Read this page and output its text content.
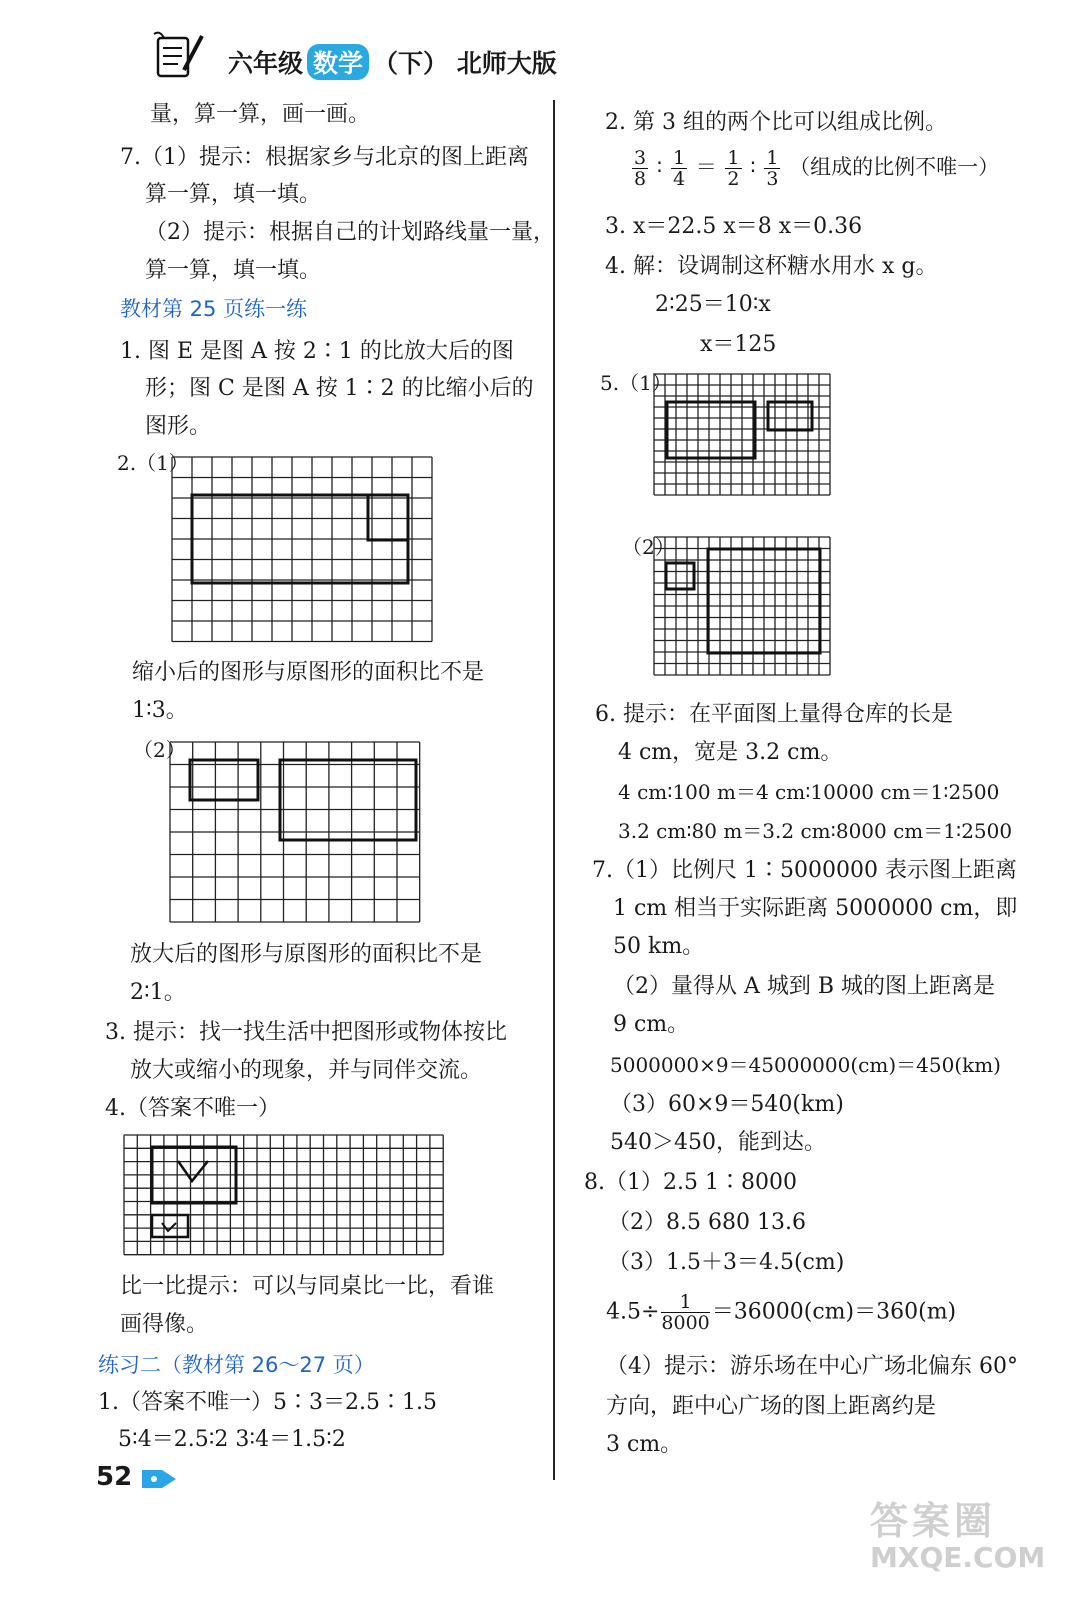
六年级 数学 （下） 北师大版
量，算一算，画一画。
7.（1）提示：根据家乡与北京的图上距离
算一算，填一填。
（2）提示：根据自己的计划路线量一量，
算一算，填一填。
教材第 25 页练一练
1. 图 E 是图 A 按 2∶1 的比放大后的图
形；图 C 是图 A 按 1∶2 的比缩小后的
图形。
2.（1）
缩小后的图形与原图形的面积比不是
1∶3。
（2）
放大后的图形与原图形的面积比不是
2∶1。
3. 提示：找一找生活中把图形或物体按比
放大或缩小的现象，并与同伴交流。
4.（答案不唯一）
比一比提示：可以与同桌比一比，看谁
画得像。
练习二（教材第 26～27 页）
1.（答案不唯一）5∶3＝2.5∶1.5
5∶4＝2.5∶2 3∶4＝1.5∶2
2. 第 3 组的两个比可以组成比例。
$\frac{3}{8}$ ∶ $\frac{1}{4} = \frac{1}{2}$ ∶ $\frac{1}{3}$ （组成的比例不唯一）
3. x＝22.5 x＝8 x＝0.36
4. 解：设调制这杯糖水用水 x g。
2∶25＝10∶x
x＝125
5.（1）
（2）
6. 提示：在平面图上量得仓库的长是
4 cm，宽是 3.2 cm。
4 cm∶100 m＝4 cm∶10000 cm＝1∶2500
3.2 cm∶80 m＝3.2 cm∶8000 cm＝1∶2500
7.（1）比例尺 1∶5000000 表示图上距离
1 cm 相当于实际距离 5000000 cm，即
50 km。
（2）量得从 A 城到 B 城的图上距离是
9 cm。
5000000×9＝45000000(cm)＝450(km)
（3）60×9＝540(km)
540＞450，能到达。
8.（1）2.5 1∶8000
（2）8.5 680 13.6
（3）1.5＋3＝4.5(cm)
$4.5\div \frac{1}{8000} =36000(cm)=360(m)$
（4）提示：游乐场在中心广场北偏东 60°
方向，距中心广场的图上距离约是
3 cm。
52
答案圈
MXQE.COM
